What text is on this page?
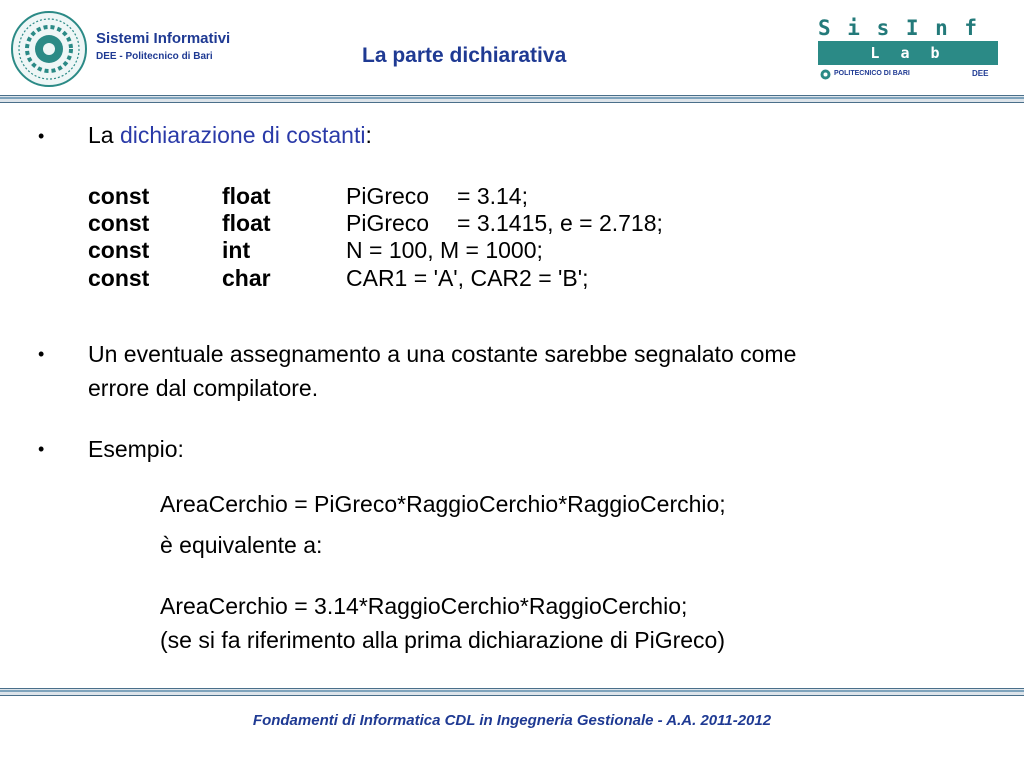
Sistemi Informativi
DEE - Politecnico di Bari	La parte dichiarativa
S i s I n f
L a b
POLITECNICO DI BARI	DEE
• La dichiarazione di costanti:
const	float	PiGreco = 3.14;
const	float	PiGreco = 3.1415, e = 2.718;
const	int	N = 100, M = 1000;
const	char	CAR1 = 'A', CAR2 = 'B';
• Un eventuale assegnamento a una costante sarebbe segnalato come
errore dal compilatore.
• Esempio:
AreaCerchio = PiGreco*RaggioCerchio*RaggioCerchio;
è equivalente a:
AreaCerchio = 3.14*RaggioCerchio*RaggioCerchio;
(se si fa riferimento alla prima dichiarazione di PiGreco)
Fondamenti di Informatica CDL in Ingegneria Gestionale - A.A. 2011-2012
